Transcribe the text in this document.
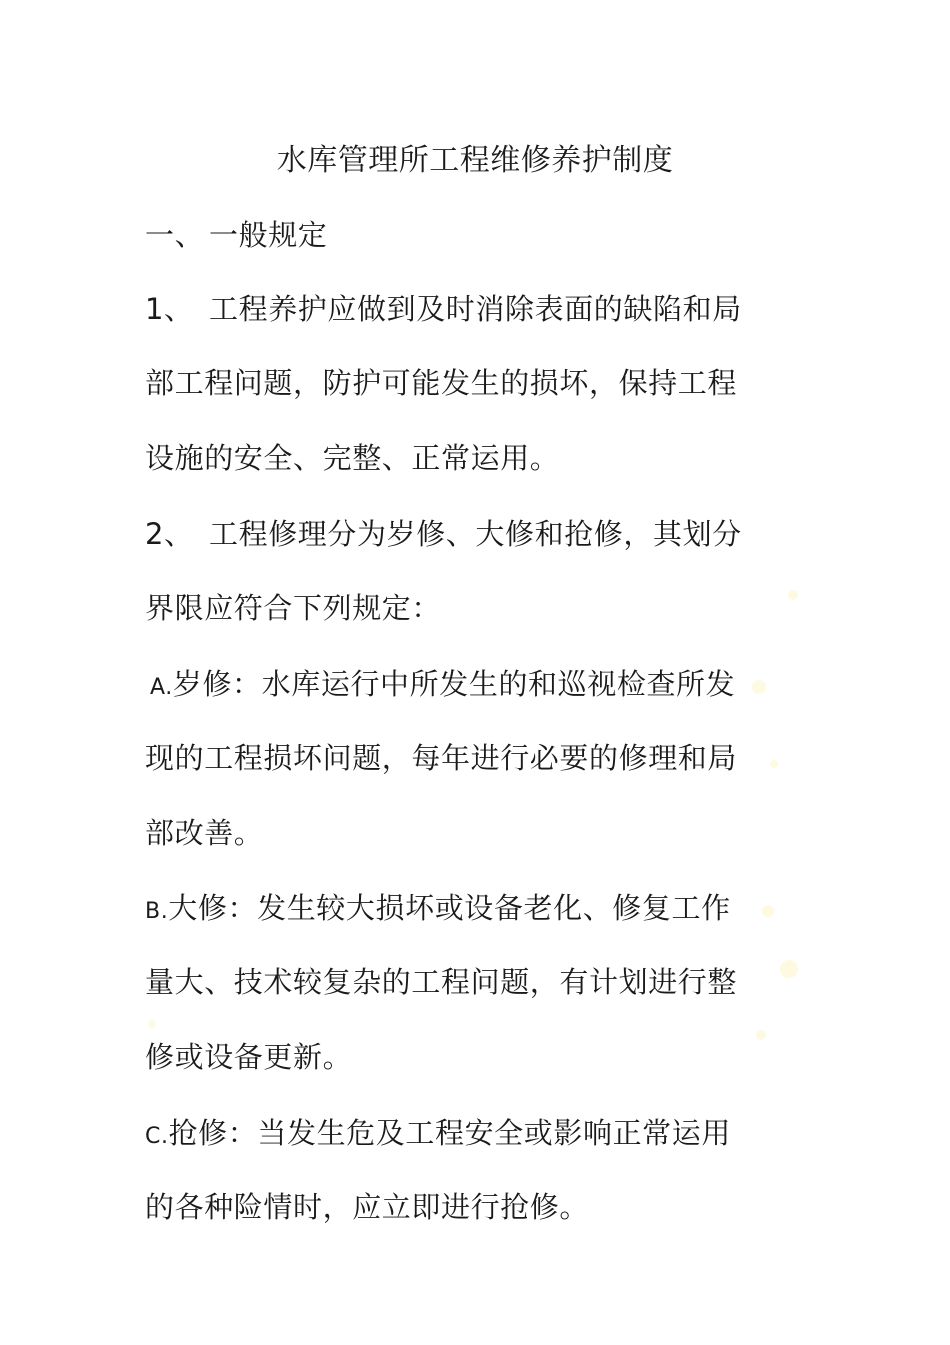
水库管理所工程维修养护制度
一、 一般规定
1、 工程养护应做到及时消除表面的缺陷和局
部工程问题，防护可能发生的损坏，保持工程
设施的安全、完整、正常运用。
2、 工程修理分为岁修、大修和抢修，其划分
界限应符合下列规定：
A.岁修：水库运行中所发生的和巡视检查所发
现的工程损坏问题，每年进行必要的修理和局
部改善。
B.大修：发生较大损坏或设备老化、修复工作
量大、技术较复杂的工程问题，有计划进行整
修或设备更新。
C.抢修：当发生危及工程安全或影响正常运用
的各种险情时，应立即进行抢修。
